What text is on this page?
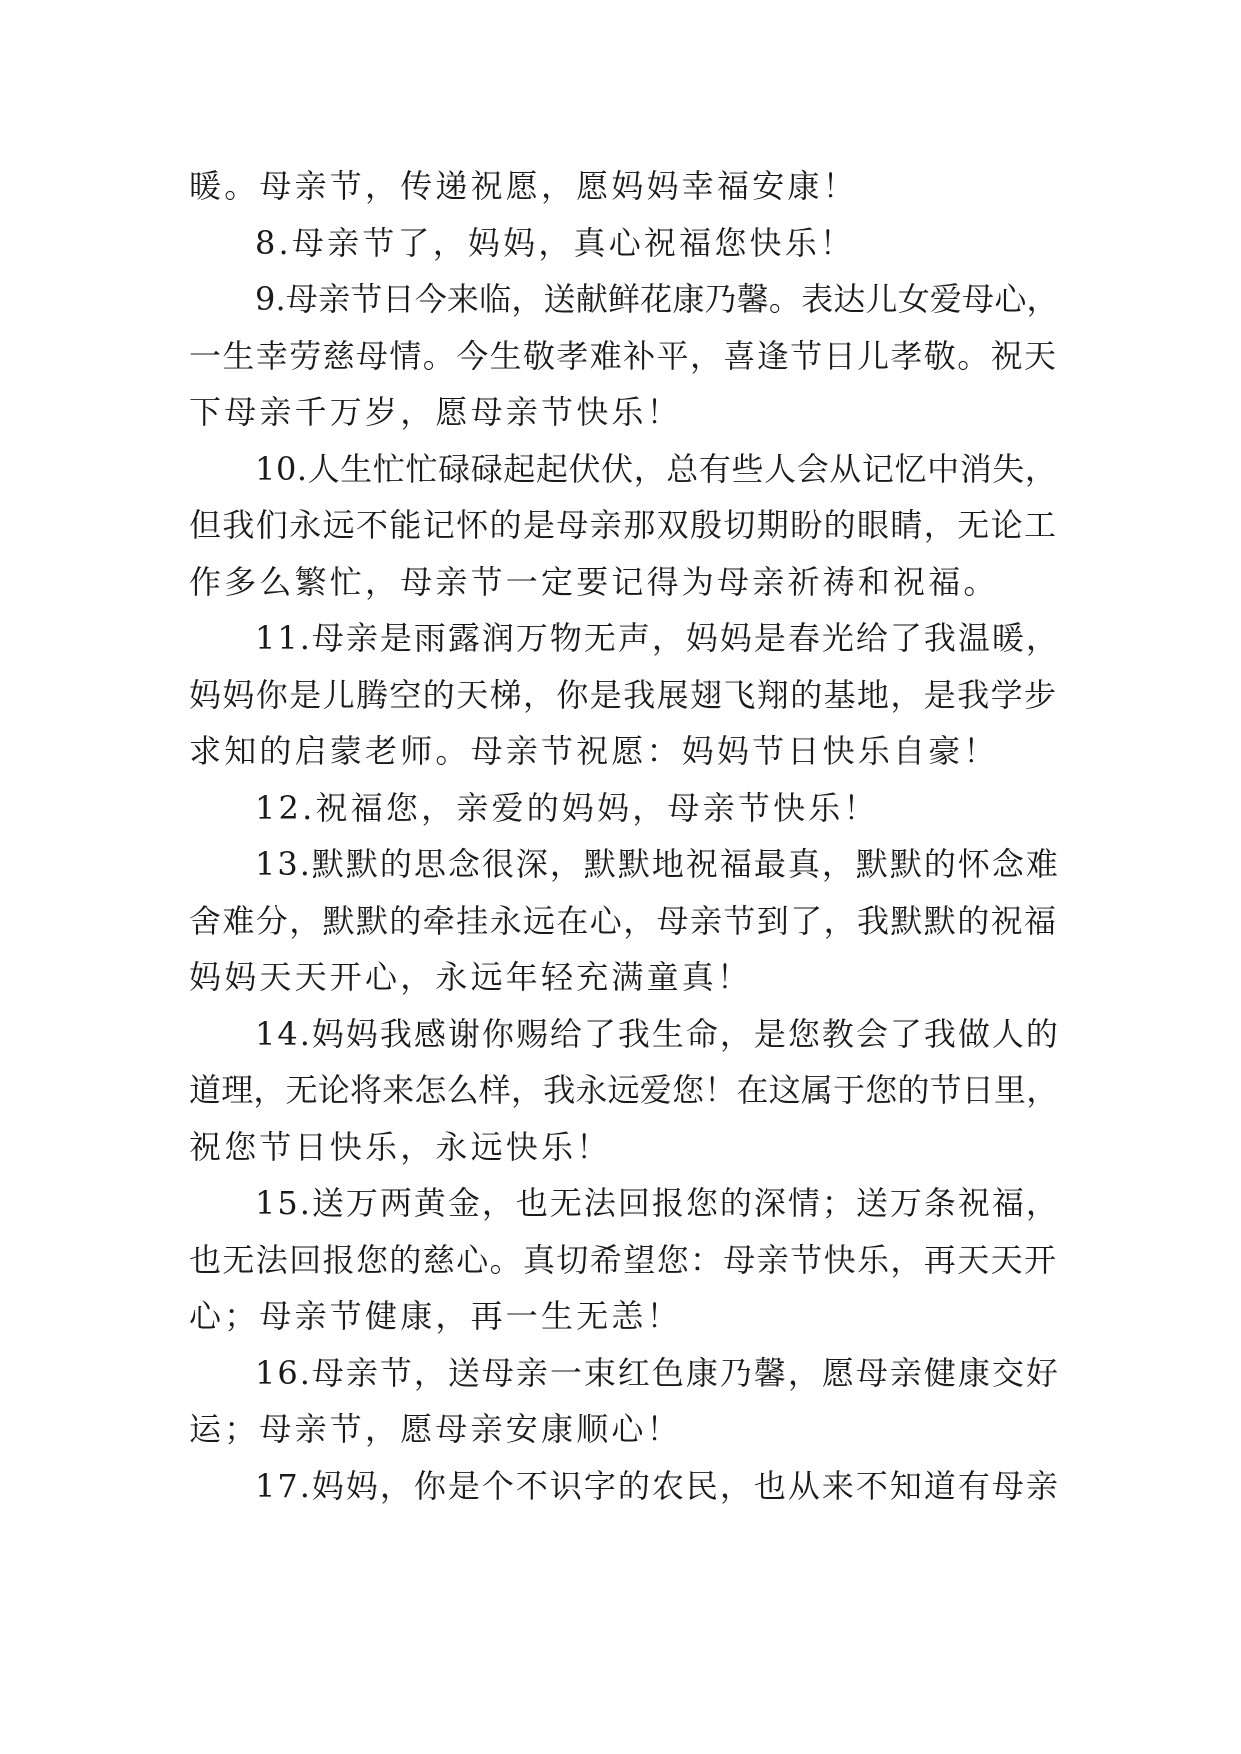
暖。母亲节，传递祝愿，愿妈妈幸福安康！
8.母亲节了，妈妈，真心祝福您快乐！
9.母亲节日今来临，送献鲜花康乃馨。表达儿女爱母心，
一生幸劳慈母情。今生敬孝难补平，喜逢节日儿孝敬。祝天
下母亲千万岁，愿母亲节快乐！
10.人生忙忙碌碌起起伏伏，总有些人会从记忆中消失，
但我们永远不能记怀的是母亲那双殷切期盼的眼睛，无论工
作多么繁忙，母亲节一定要记得为母亲祈祷和祝福。
11.母亲是雨露润万物无声，妈妈是春光给了我温暖，
妈妈你是儿腾空的天梯，你是我展翅飞翔的基地，是我学步
求知的启蒙老师。母亲节祝愿：妈妈节日快乐自豪！
12.祝福您，亲爱的妈妈，母亲节快乐！
13.默默的思念很深，默默地祝福最真，默默的怀念难
舍难分，默默的牵挂永远在心，母亲节到了，我默默的祝福
妈妈天天开心，永远年轻充满童真！
14.妈妈我感谢你赐给了我生命，是您教会了我做人的
道理，无论将来怎么样，我永远爱您！在这属于您的节日里，
祝您节日快乐，永远快乐！
15.送万两黄金，也无法回报您的深情；送万条祝福，
也无法回报您的慈心。真切希望您：母亲节快乐，再天天开
心；母亲节健康，再一生无恙！
16.母亲节，送母亲一束红色康乃馨，愿母亲健康交好
运；母亲节，愿母亲安康顺心！
17.妈妈，你是个不识字的农民，也从来不知道有母亲
